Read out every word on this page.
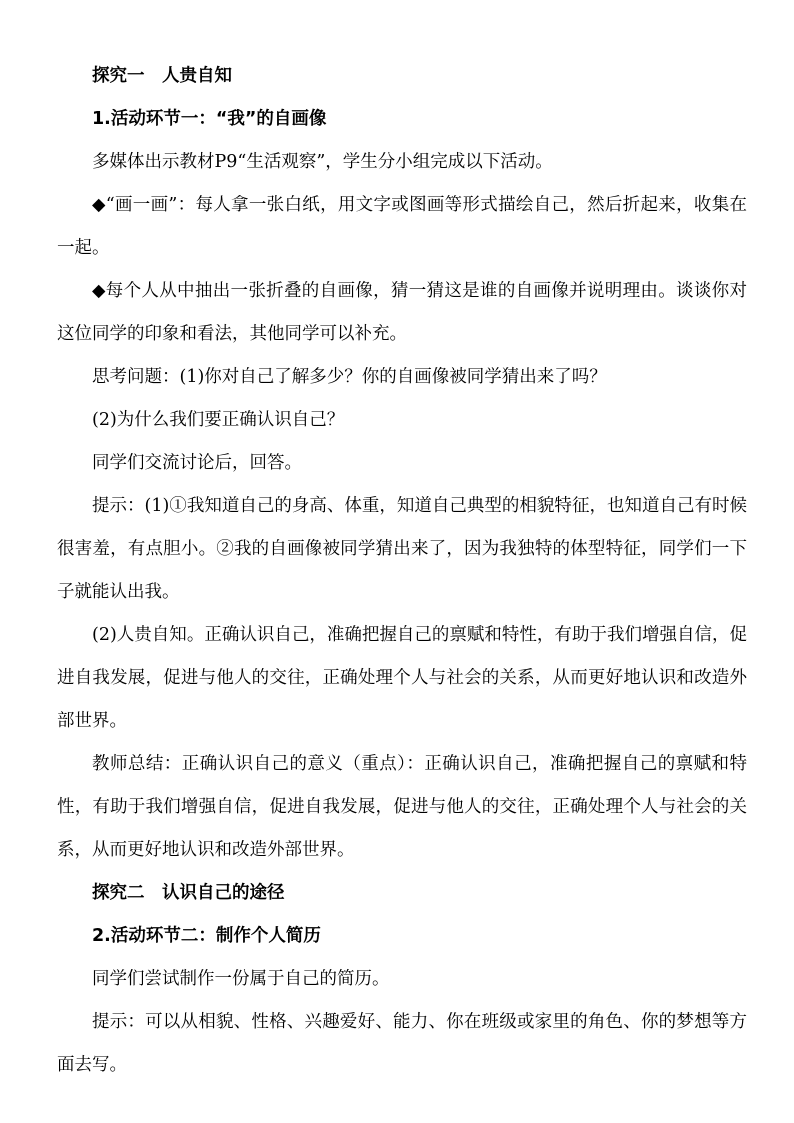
探究一　人贵自知

1.活动环节一：“我”的自画像

多媒体出示教材P9“生活观察”，学生分小组完成以下活动。

◆“画一画”：每人拿一张白纸，用文字或图画等形式描绘自己，然后折起来，收集在一起。

◆每个人从中抽出一张折叠的自画像，猜一猜这是谁的自画像并说明理由。谈谈你对这位同学的印象和看法，其他同学可以补充。

思考问题：(1)你对自己了解多少？你的自画像被同学猜出来了吗？

(2)为什么我们要正确认识自己？

同学们交流讨论后，回答。

提示：(1)①我知道自己的身高、体重，知道自己典型的相貌特征，也知道自己有时候很害羞，有点胆小。②我的自画像被同学猜出来了，因为我独特的体型特征，同学们一下子就能认出我。

(2)人贵自知。正确认识自己，准确把握自己的禀赋和特性，有助于我们增强自信，促进自我发展，促进与他人的交往，正确处理个人与社会的关系，从而更好地认识和改造外部世界。

教师总结：正确认识自己的意义（重点）：正确认识自己，准确把握自己的禀赋和特性，有助于我们增强自信，促进自我发展，促进与他人的交往，正确处理个人与社会的关系，从而更好地认识和改造外部世界。

探究二　认识自己的途径

2.活动环节二：制作个人简历

同学们尝试制作一份属于自己的简历。

提示：可以从相貌、性格、兴趣爱好、能力、你在班级或家里的角色、你的梦想等方面去写。
